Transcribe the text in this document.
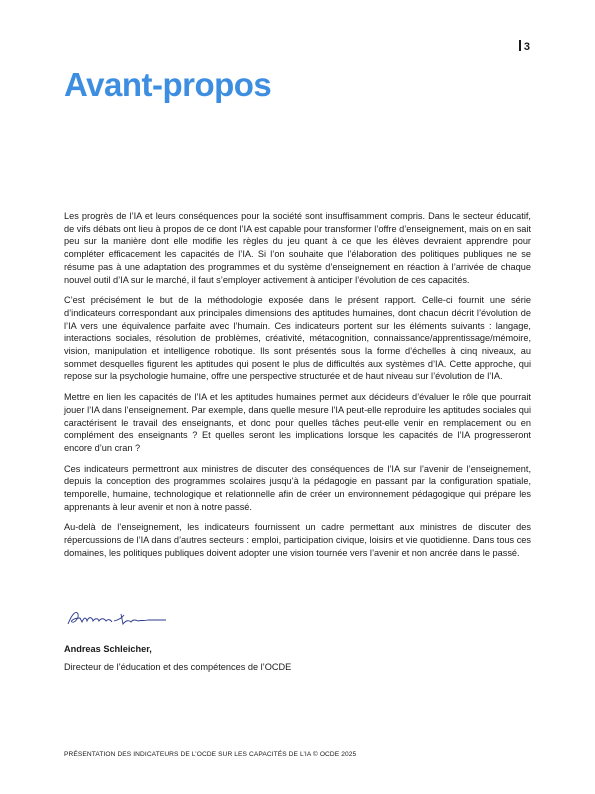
3
Avant-propos

Les progrès de l’IA et leurs conséquences pour la société sont insuffisamment compris. Dans le secteur éducatif, de vifs débats ont lieu à propos de ce dont l’IA est capable pour transformer l’offre d’enseignement, mais on en sait peu sur la manière dont elle modifie les règles du jeu quant à ce que les élèves devraient apprendre pour compléter efficacement les capacités de l’IA. Si l’on souhaite que l’élaboration des politiques publiques ne se résume pas à une adaptation des programmes et du système d’enseignement en réaction à l’arrivée de chaque nouvel outil d’IA sur le marché, il faut s’employer activement à anticiper l’évolution de ces capacités.

C’est précisément le but de la méthodologie exposée dans le présent rapport. Celle-ci fournit une série d’indicateurs correspondant aux principales dimensions des aptitudes humaines, dont chacun décrit l’évolution de l’IA vers une équivalence parfaite avec l’humain. Ces indicateurs portent sur les éléments suivants : langage, interactions sociales, résolution de problèmes, créativité, métacognition, connaissance/apprentissage/mémoire, vision, manipulation et intelligence robotique. Ils sont présentés sous la forme d’échelles à cinq niveaux, au sommet desquelles figurent les aptitudes qui posent le plus de difficultés aux systèmes d’IA. Cette approche, qui repose sur la psychologie humaine, offre une perspective structurée et de haut niveau sur l’évolution de l’IA.

Mettre en lien les capacités de l’IA et les aptitudes humaines permet aux décideurs d’évaluer le rôle que pourrait jouer l’IA dans l’enseignement. Par exemple, dans quelle mesure l’IA peut-elle reproduire les aptitudes sociales qui caractérisent le travail des enseignants, et donc pour quelles tâches peut-elle venir en remplacement ou en complément des enseignants ? Et quelles seront les implications lorsque les capacités de l’IA progresseront encore d’un cran ?

Ces indicateurs permettront aux ministres de discuter des conséquences de l’IA sur l’avenir de l’enseignement, depuis la conception des programmes scolaires jusqu’à la pédagogie en passant par la configuration spatiale, temporelle, humaine, technologique et relationnelle afin de créer un environnement pédagogique qui prépare les apprenants à leur avenir et non à notre passé.

Au-delà de l’enseignement, les indicateurs fournissent un cadre permettant aux ministres de discuter des répercussions de l’IA dans d’autres secteurs : emploi, participation civique, loisirs et vie quotidienne. Dans tous ces domaines, les politiques publiques doivent adopter une vision tournée vers l’avenir et non ancrée dans le passé.

Andreas Schleicher,
Directeur de l’éducation et des compétences de l’OCDE
PRÉSENTATION DES INDICATEURS DE L’OCDE SUR LES CAPACITÉS DE L’IA © OCDE 2025
